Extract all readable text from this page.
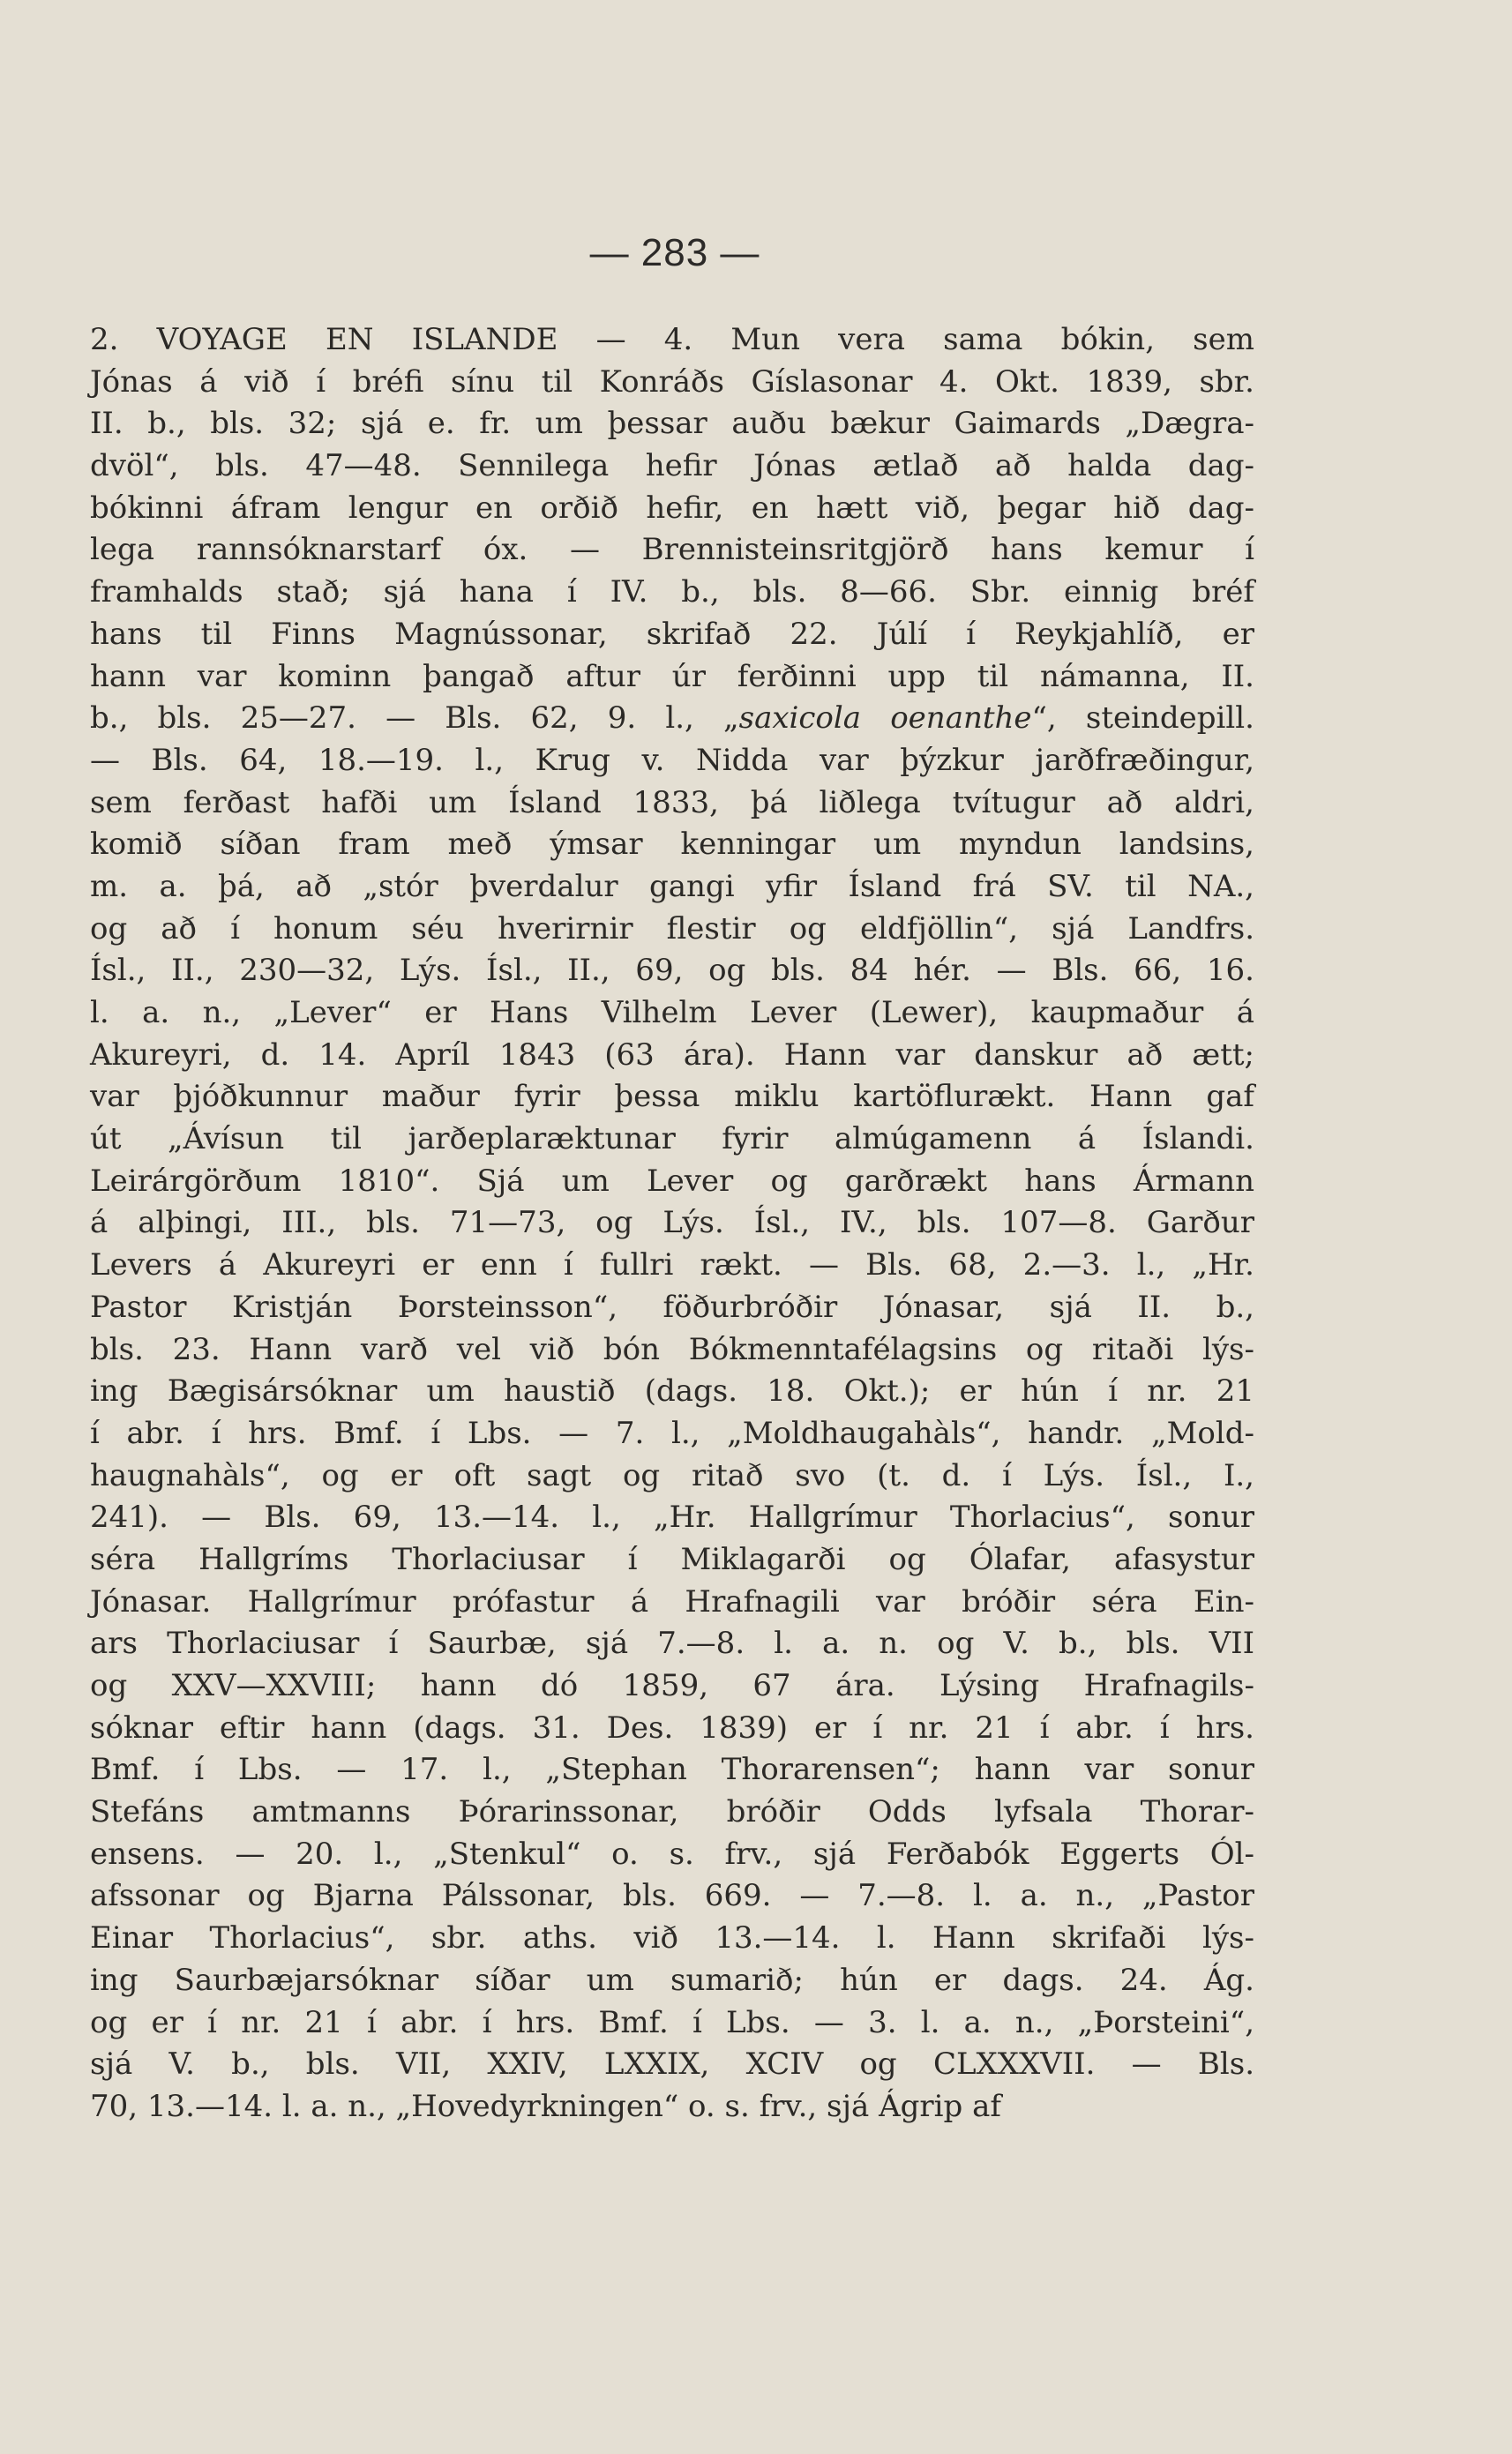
— 283 —
2. VOYAGE EN ISLANDE — 4. Mun vera sama bókin, sem
Jónas á við í bréfi sínu til Konráðs Gíslasonar 4. Okt. 1839, sbr.
II. b., bls. 32; sjá e. fr. um þessar auðu bækur Gaimards „Dægra-
dvöl“, bls. 47—48. Sennilega hefir Jónas ætlað að halda dag-
bókinni áfram lengur en orðið hefir, en hætt við, þegar hið dag-
lega rannsóknarstarf óx. — Brennisteinsritgjörð hans kemur í
framhalds stað; sjá hana í IV. b., bls. 8—66. Sbr. einnig bréf
hans til Finns Magnússonar, skrifað 22. Júlí í Reykjahlíð, er
hann var kominn þangað aftur úr ferðinni upp til námanna, II.
b., bls. 25—27. — Bls. 62, 9. l., „saxicola oenanthe“, steindepill.
— Bls. 64, 18.—19. l., Krug v. Nidda var þýzkur jarðfræðingur,
sem ferðast hafði um Ísland 1833, þá liðlega tvítugur að aldri,
komið síðan fram með ýmsar kenningar um myndun landsins,
m. a. þá, að „stór þverdalur gangi yfir Ísland frá SV. til NA.,
og að í honum séu hverirnir flestir og eldfjöllin“, sjá Landfrs.
Ísl., II., 230—32, Lýs. Ísl., II., 69, og bls. 84 hér. — Bls. 66, 16.
l. a. n., „Lever“ er Hans Vilhelm Lever (Lewer), kaupmaður á
Akureyri, d. 14. Apríl 1843 (63 ára). Hann var danskur að ætt;
var þjóðkunnur maður fyrir þessa miklu kartöflurækt. Hann gaf
út „Ávísun til jarðeplaræktunar fyrir almúgamenn á Íslandi.
Leirárgörðum 1810“. Sjá um Lever og garðrækt hans Ármann
á alþingi, III., bls. 71—73, og Lýs. Ísl., IV., bls. 107—8. Garður
Levers á Akureyri er enn í fullri rækt. — Bls. 68, 2.—3. l., „Hr.
Pastor Kristján Þorsteinsson“, föðurbróðir Jónasar, sjá II. b.,
bls. 23. Hann varð vel við bón Bókmenntafélagsins og ritaði lýs-
ing Bægisársóknar um haustið (dags. 18. Okt.); er hún í nr. 21
í abr. í hrs. Bmf. í Lbs. — 7. l., „Moldhaugahàls“, handr. „Mold-
haugnahàls“, og er oft sagt og ritað svo (t. d. í Lýs. Ísl., I.,
241). — Bls. 69, 13.—14. l., „Hr. Hallgrímur Thorlacius“, sonur
séra Hallgríms Thorlaciusar í Miklagarði og Ólafar, afasystur
Jónasar. Hallgrímur prófastur á Hrafnagili var bróðir séra Ein-
ars Thorlaciusar í Saurbæ, sjá 7.—8. l. a. n. og V. b., bls. VII
og XXV—XXVIII; hann dó 1859, 67 ára. Lýsing Hrafnagils-
sóknar eftir hann (dags. 31. Des. 1839) er í nr. 21 í abr. í hrs.
Bmf. í Lbs. — 17. l., „Stephan Thorarensen“; hann var sonur
Stefáns amtmanns Þórarinssonar, bróðir Odds lyfsala Thorar-
ensens. — 20. l., „Stenkul“ o. s. frv., sjá Ferðabók Eggerts Ól-
afssonar og Bjarna Pálssonar, bls. 669. — 7.—8. l. a. n., „Pastor
Einar Thorlacius“, sbr. aths. við 13.—14. l. Hann skrifaði lýs-
ing Saurbæjarsóknar síðar um sumarið; hún er dags. 24. Ág.
og er í nr. 21 í abr. í hrs. Bmf. í Lbs. — 3. l. a. n., „Þorsteini“,
sjá V. b., bls. VII, XXIV, LXXIX, XCIV og CLXXXVII. — Bls.
70, 13.—14. l. a. n., „Hovedyrkningen“ o. s. frv., sjá Ágrip af
